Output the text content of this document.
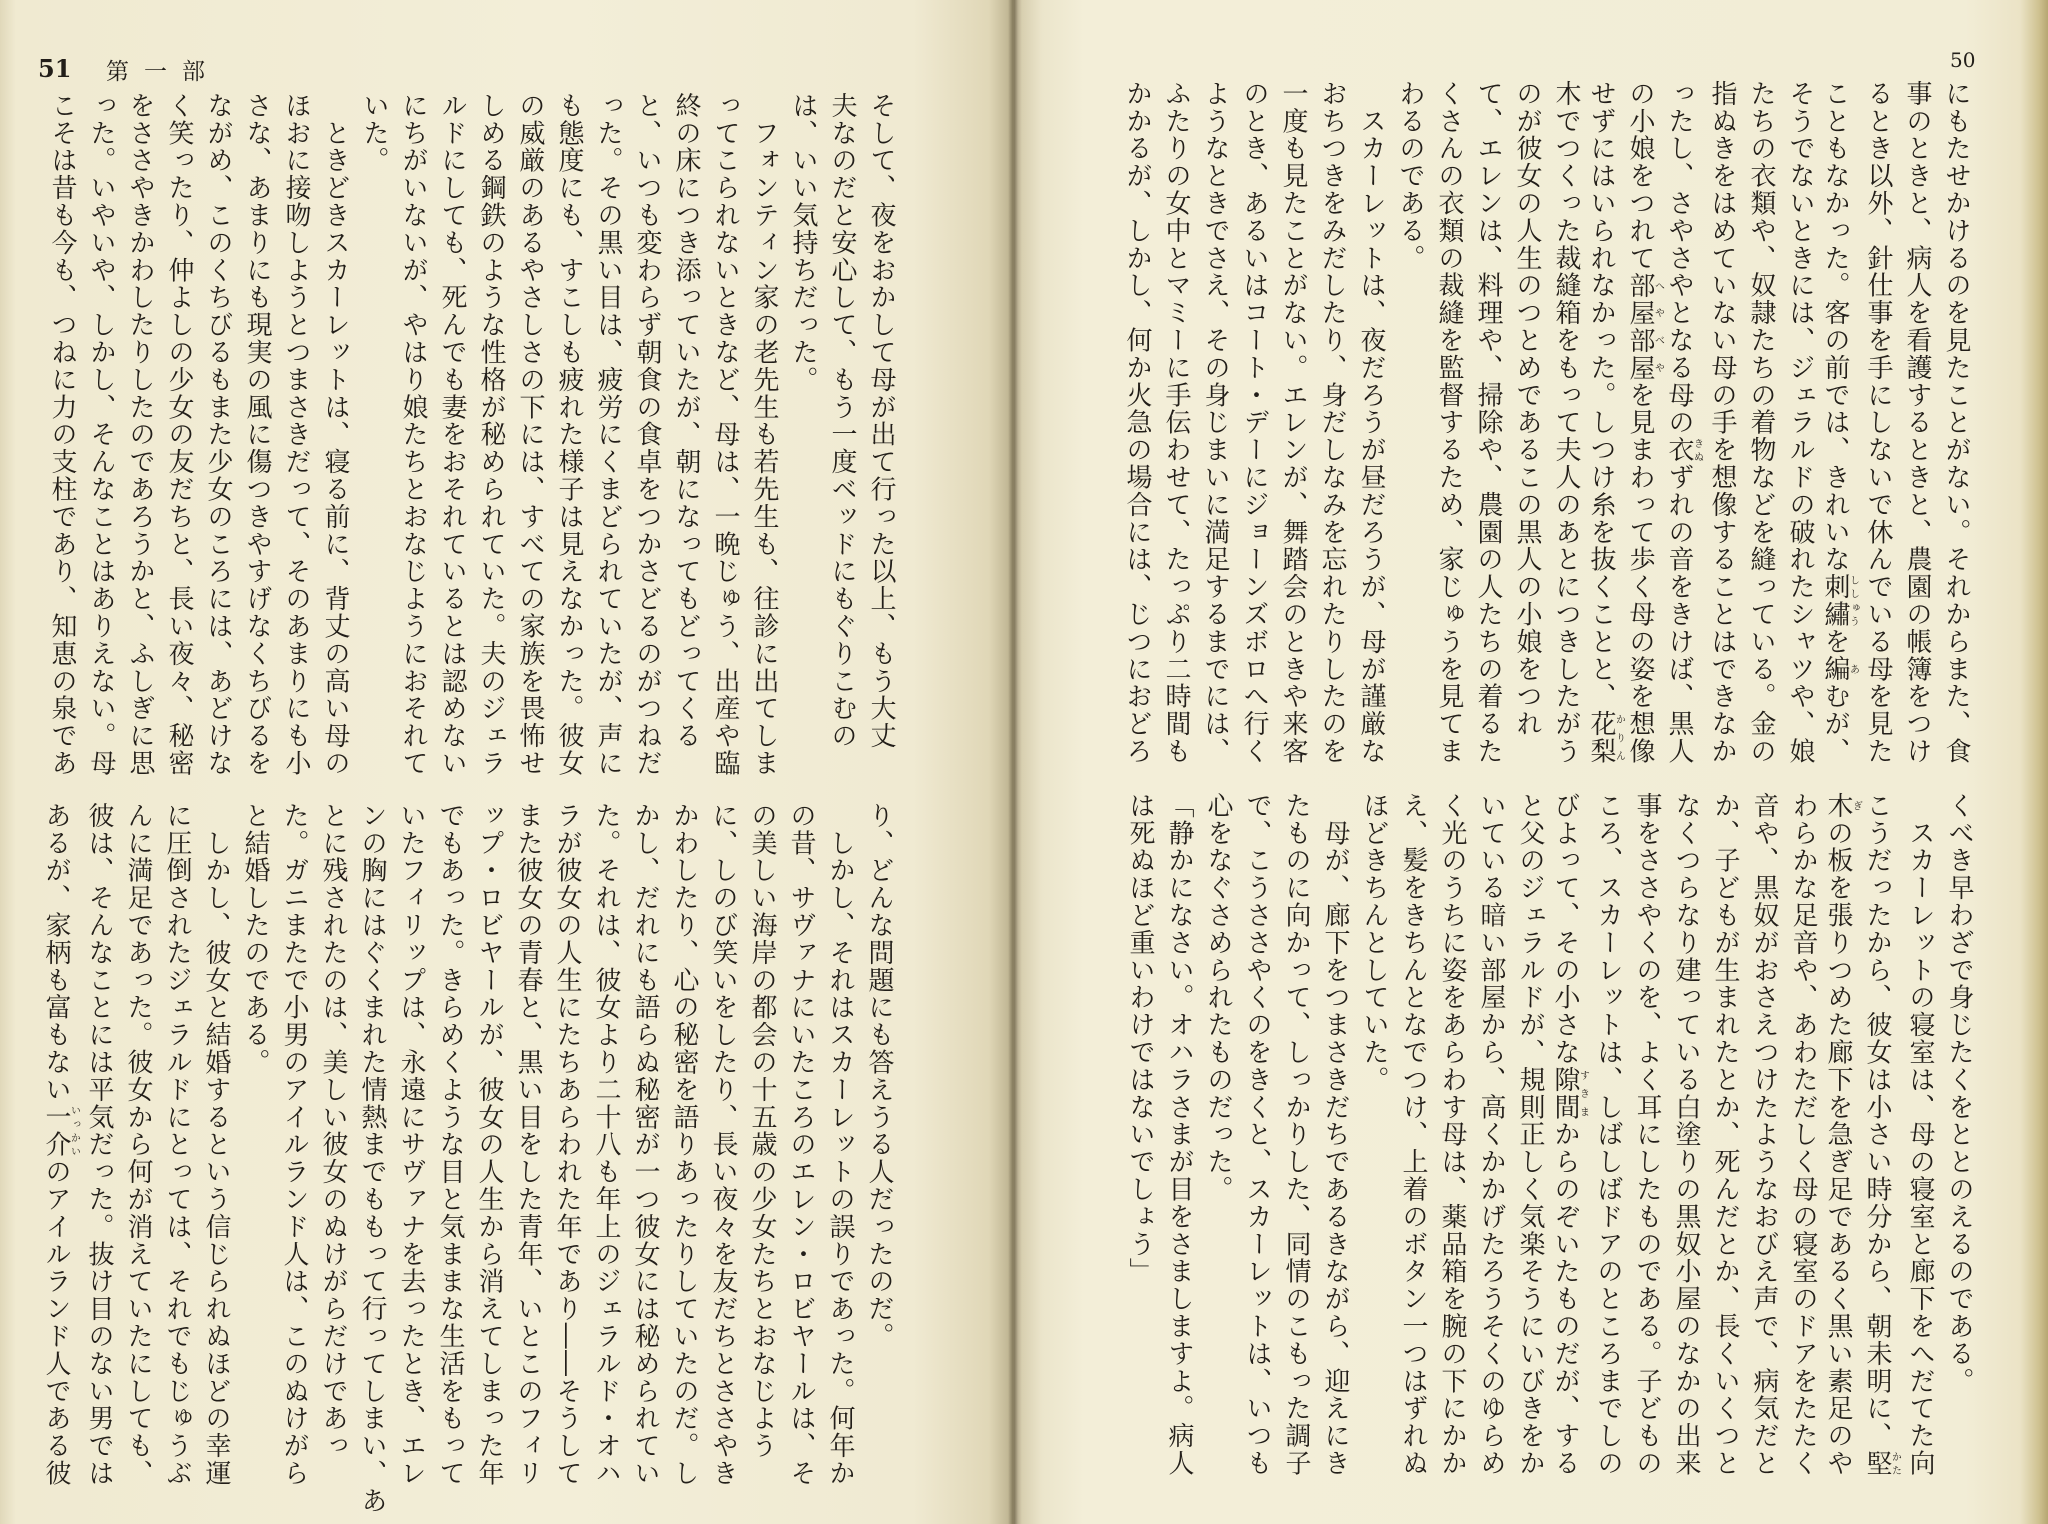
51 第一部
そして、夜をおかして母が出て行った以上、もう大丈
夫なのだと安心して、もう一度ベッドにもぐりこむの
は、いい気持ちだった。
　フォンティン家の老先生も若先生も、往診に出てしま
ってこられないときなど、母は、一晩じゅう、出産や臨
終の床につき添っていたが、朝になってもどってくる
と、いつも変わらず朝食の食卓をつかさどるのがつねだ
った。その黒い目は、疲労にくまどられていたが、声に
も態度にも、すこしも疲れた様子は見えなかった。彼女
の威厳のあるやさしさの下には、すべての家族を畏怖せ
しめる鋼鉄のような性格が秘められていた。夫のジェラ
ルドにしても、死んでも妻をおそれているとは認めない
にちがいないが、やはり娘たちとおなじようにおそれて
いた。
　ときどきスカーレットは、寝る前に、背丈の高い母の
ほおに接吻しようとつまさきだって、そのあまりにも小
さな、あまりにも現実の風に傷つきやすげなくちびるを
ながめ、このくちびるもまた少女のころには、あどけな
く笑ったり、仲よしの少女の友だちと、長い夜々、秘密
をささやきかわしたりしたのであろうかと、ふしぎに思
った。いやいや、しかし、そんなことはありえない。母
こそは昔も今も、つねに力の支柱であり、知恵の泉であ
り、どんな問題にも答えうる人だったのだ。
　しかし、それはスカーレットの誤りであった。何年か
の昔、サヴァナにいたころのエレン・ロビヤールは、そ
の美しい海岸の都会の十五歳の少女たちとおなじよう
に、しのび笑いをしたり、長い夜々を友だちとささやき
かわしたり、心の秘密を語りあったりしていたのだ。し
かし、だれにも語らぬ秘密が一つ彼女には秘められてい
た。それは、彼女より二十八も年上のジェラルド・オハ
ラが彼女の人生にたちあらわれた年であり――そうして
また彼女の青春と、黒い目をした青年、いとこのフィリ
ップ・ロビヤールが、彼女の人生から消えてしまった年
でもあった。きらめくような目と気ままな生活をもって
いたフィリップは、永遠にサヴァナを去ったとき、エレ
ンの胸にはぐくまれた情熱までももって行ってしまい、あ
とに残されたのは、美しい彼女のぬけがらだけであっ
た。ガニまたで小男のアイルランド人は、このぬけがら
と結婚したのである。
　しかし、彼女と結婚するという信じられぬほどの幸運
に圧倒されたジェラルドにとっては、それでもじゅうぶ
んに満足であった。彼女から何が消えていたにしても、
彼は、そんなことには平気だった。抜け目のない男では
あるが、家柄も富もない一介いっかいのアイルランド人である彼
50
にもたせかけるのを見たことがない。それからまた、食
事のときと、病人を看護するときと、農園の帳簿をつけ
るとき以外、針仕事を手にしないで休んでいる母を見た
こともなかった。客の前では、きれいな刺繡ししゅうを編あむが、
そうでないときには、ジェラルドの破れたシャツや、娘
たちの衣類や、奴隷たちの着物などを縫っている。金の
指ぬきをはめていない母の手を想像することはできなか
ったし、さやさやとなる母の衣きぬずれの音をきけば、黒人
の小娘をつれて部屋へや部屋べやを見まわって歩く母の姿を想像
せずにはいられなかった。しつけ糸を抜くことと、花梨かりん
木でつくった裁縫箱をもって夫人のあとにつきしたがう
のが彼女の人生のつとめであるこの黒人の小娘をつれ
て、エレンは、料理や、掃除や、農園の人たちの着るた
くさんの衣類の裁縫を監督するため、家じゅうを見てま
わるのである。
　スカーレットは、夜だろうが昼だろうが、母が謹厳な
おちつきをみだしたり、身だしなみを忘れたりしたのを
一度も見たことがない。エレンが、舞踏会のときや来客
のとき、あるいはコート・デーにジョーンズボロへ行く
ようなときでさえ、その身じまいに満足するまでには、
ふたりの女中とマミーに手伝わせて、たっぷり二時間も
かかるが、しかし、何か火急の場合には、じつにおどろ
くべき早わざで身じたくをととのえるのである。
　スカーレットの寝室は、母の寝室と廊下をへだてた向
こうだったから、彼女は小さい時分から、朝未明に、堅かた
木ぎの板を張りつめた廊下を急ぎ足であるく黒い素足のや
わらかな足音や、あわただしく母の寝室のドアをたたく
音や、黒奴がおさえつけたようなおびえ声で、病気だと
か、子どもが生まれたとか、死んだとか、長くいくつと
なくつらなり建っている白塗りの黒奴小屋のなかの出来
事をささやくのを、よく耳にしたものである。子どもの
ころ、スカーレットは、しばしばドアのところまでしの
びよって、その小さな隙間すきまからのぞいたものだが、する
と父のジェラルドが、規則正しく気楽そうにいびきをか
いている暗い部屋から、高くかかげたろうそくのゆらめ
く光のうちに姿をあらわす母は、薬品箱を腕の下にかか
え、髪をきちんとなでつけ、上着のボタン一つはずれぬ
ほどきちんとしていた。
　母が、廊下をつまさきだちであるきながら、迎えにき
たものに向かって、しっかりした、同情のこもった調子
で、こうささやくのをきくと、スカーレットは、いつも
心をなぐさめられたものだった。
「静かになさい。オハラさまが目をさましますよ。病人
は死ぬほど重いわけではないでしょう」
